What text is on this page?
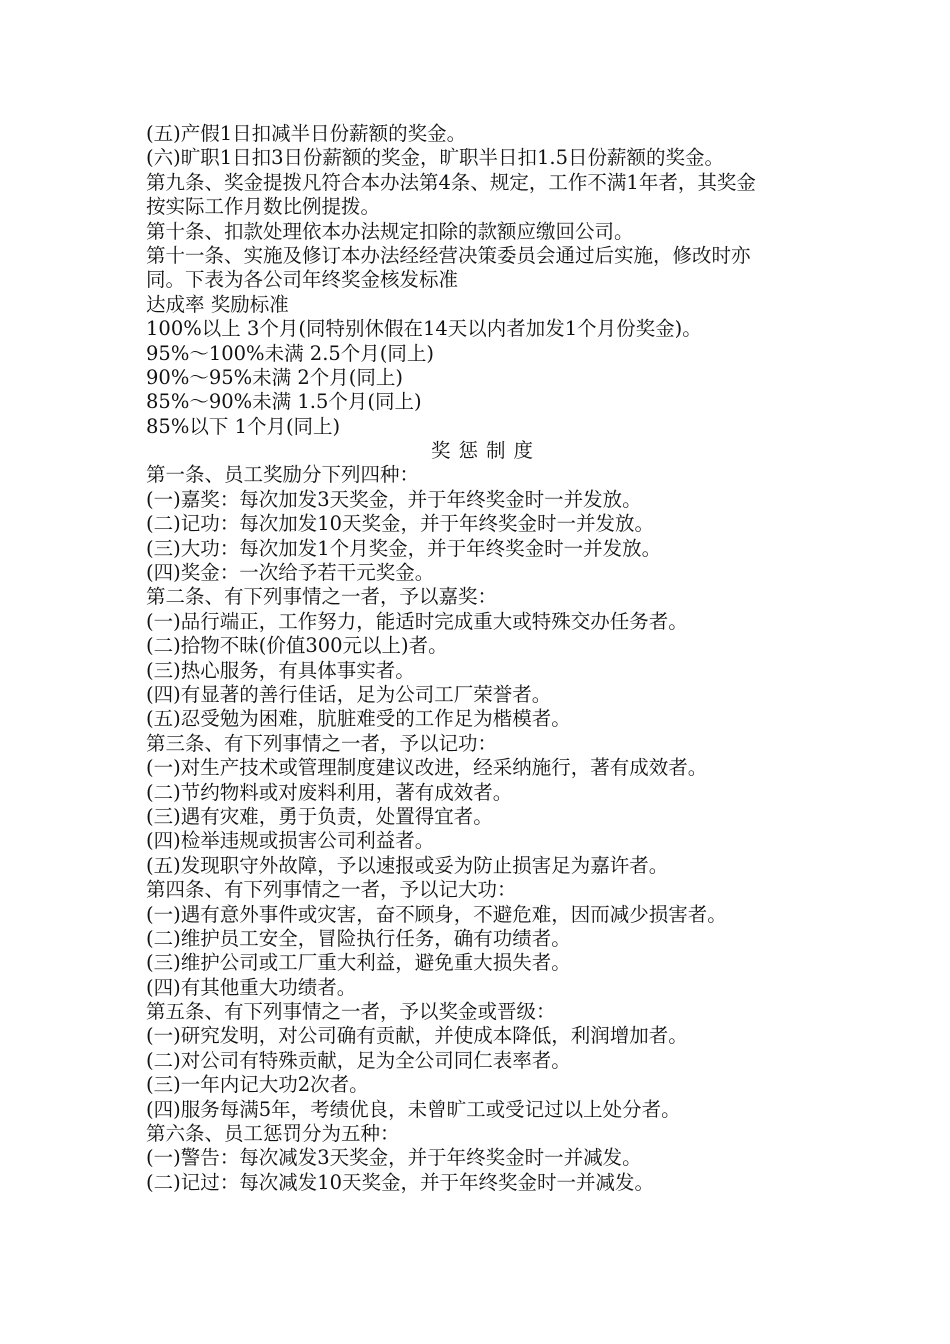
(五)产假1日扣减半日份薪额的奖金。
(六)旷职1日扣3日份薪额的奖金，旷职半日扣1.5日份薪额的奖金。
第九条、奖金提拨凡符合本办法第4条、规定，工作不满1年者，其奖金
按实际工作月数比例提拨。
第十条、扣款处理依本办法规定扣除的款额应缴回公司。
第十一条、实施及修订本办法经经营决策委员会通过后实施，修改时亦
同。下表为各公司年终奖金核发标准
达成率 奖励标准
100%以上 3个月(同特别休假在14天以内者加发1个月份奖金)。
95%～100%未满 2.5个月(同上)
90%～95%未满 2个月(同上)
85%～90%未满 1.5个月(同上)
85%以下 1个月(同上)
奖惩制度
第一条、员工奖励分下列四种：
(一)嘉奖：每次加发3天奖金，并于年终奖金时一并发放。
(二)记功：每次加发10天奖金，并于年终奖金时一并发放。
(三)大功：每次加发1个月奖金，并于年终奖金时一并发放。
(四)奖金：一次给予若干元奖金。
第二条、有下列事情之一者，予以嘉奖：
(一)品行端正，工作努力，能适时完成重大或特殊交办任务者。
(二)拾物不昧(价值300元以上)者。
(三)热心服务，有具体事实者。
(四)有显著的善行佳话，足为公司工厂荣誉者。
(五)忍受勉为困难，肮脏难受的工作足为楷模者。
第三条、有下列事情之一者，予以记功：
(一)对生产技术或管理制度建议改进，经采纳施行，著有成效者。
(二)节约物料或对废料利用，著有成效者。
(三)遇有灾难，勇于负责，处置得宜者。
(四)检举违规或损害公司利益者。
(五)发现职守外故障，予以速报或妥为防止损害足为嘉许者。
第四条、有下列事情之一者，予以记大功：
(一)遇有意外事件或灾害，奋不顾身，不避危难，因而减少损害者。
(二)维护员工安全，冒险执行任务，确有功绩者。
(三)维护公司或工厂重大利益，避免重大损失者。
(四)有其他重大功绩者。
第五条、有下列事情之一者，予以奖金或晋级：
(一)研究发明，对公司确有贡献，并使成本降低，利润增加者。
(二)对公司有特殊贡献，足为全公司同仁表率者。
(三)一年内记大功2次者。
(四)服务每满5年，考绩优良，未曾旷工或受记过以上处分者。
第六条、员工惩罚分为五种：
(一)警告：每次减发3天奖金，并于年终奖金时一并减发。
(二)记过：每次减发10天奖金，并于年终奖金时一并减发。
